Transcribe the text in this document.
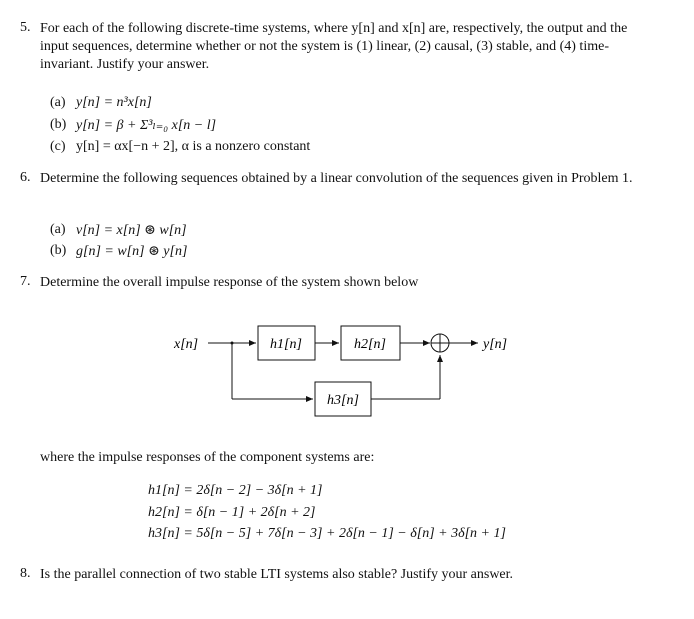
5. For each of the following discrete-time systems, where y[n] and x[n] are, respectively, the output and the input sequences, determine whether or not the system is (1) linear, (2) causal, (3) stable, and (4) time-invariant. Justify your answer.
(a) y[n] = n³x[n]
(b) y[n] = β + Σ³ₗ₌₀ x[n − l]
(c) y[n] = αx[−n + 2], α is a nonzero constant
6. Determine the following sequences obtained by a linear convolution of the sequences given in Problem 1.
(a) v[n] = x[n] ⊛ w[n]
(b) g[n] = w[n] ⊛ y[n]
7. Determine the overall impulse response of the system shown below
x[n]	h1[n]	h2[n]	y[n]
h3[n]
where the impulse responses of the component systems are:
h1[n] = 2δ[n − 2] − 3δ[n + 1]
h2[n] = δ[n − 1] + 2δ[n + 2]
h3[n] = 5δ[n − 5] + 7δ[n − 3] + 2δ[n − 1] − δ[n] + 3δ[n + 1]
8. Is the parallel connection of two stable LTI systems also stable? Justify your answer.
